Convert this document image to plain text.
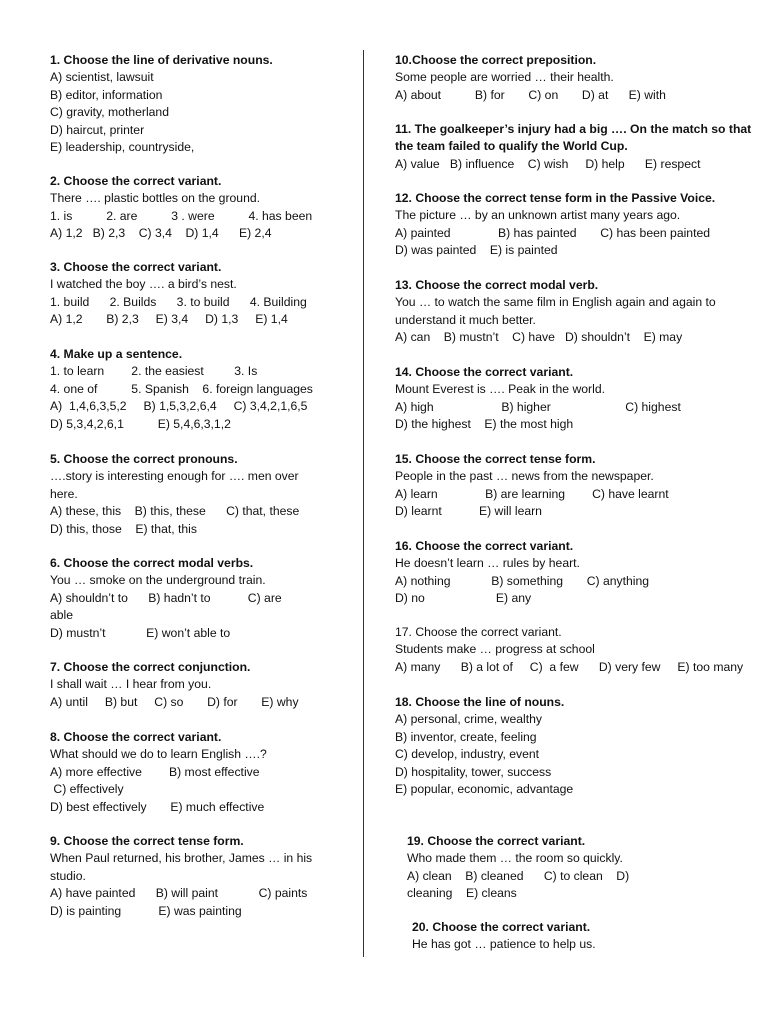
1. Choose the line of derivative nouns.
A) scientist, lawsuit
B) editor, information
C) gravity, motherland
D) haircut, printer
E) leadership, countryside,
2. Choose the correct variant.
There …. plastic bottles on the ground.
1. is          2. are          3 . were          4. has been
A) 1,2   B) 2,3    C) 3,4    D) 1,4      E) 2,4
3. Choose the correct variant.
I watched the boy …. a bird’s nest.
1. build      2. Builds      3. to build      4. Building
A) 1,2       B) 2,3     E) 3,4     D) 1,3     E) 1,4
4. Make up a sentence.
1. to learn        2. the easiest         3. Is
4. one of          5. Spanish    6. foreign languages
A)  1,4,6,3,5,2     B) 1,5,3,2,6,4     C) 3,4,2,1,6,5
D) 5,3,4,2,6,1          E) 5,4,6,3,1,2
5. Choose the correct pronouns.
….story is interesting enough for …. men over
here.
A) these, this    B) this, these      C) that, these
D) this, those    E) that, this
6. Choose the correct modal verbs.
You … smoke on the underground train.
A) shouldn’t to      B) hadn’t to           C) are
able
D) mustn’t            E) won’t able to
7. Choose the correct conjunction.
I shall wait … I hear from you.
A) until     B) but     C) so       D) for       E) why
8. Choose the correct variant.
What should we do to learn English ….?
A) more effective        B) most effective
C) effectively
D) best effectively       E) much effective
9. Choose the correct tense form.
When Paul returned, his brother, James … in his
studio.
A) have painted      B) will paint            C) paints
D) is painting           E) was painting
10.Choose the correct preposition.
Some people are worried … their health.
A) about          B) for       C) on       D) at      E) with
11. The goalkeeper’s injury had a big …. On the match so that the team failed to qualify the World Cup.
A) value   B) influence    C) wish     D) help      E) respect
12. Choose the correct tense form in the Passive Voice.
The picture … by an unknown artist many years ago.
A) painted              B) has painted       C) has been painted
D) was painted    E) is painted
13. Choose the correct modal verb.
You … to watch the same film in English again and again to
understand it much better.
A) can    B) mustn’t    C) have   D) shouldn’t    E) may
14. Choose the correct variant.
Mount Everest is …. Peak in the world.
A) high                    B) higher                      C) highest
D) the highest    E) the most high
15. Choose the correct tense form.
People in the past … news from the newspaper.
A) learn              B) are learning        C) have learnt
D) learnt           E) will learn
16. Choose the correct variant.
He doesn’t learn … rules by heart.
A) nothing            B) something       C) anything
D) no                     E) any
17. Choose the correct variant.
Students make … progress at school
A) many      B) a lot of     C)  a few      D) very few     E) too many
18. Choose the line of nouns.
A) personal, crime, wealthy
B) inventor, create, feeling
C) develop, industry, event
D) hospitality, tower, success
E) popular, economic, advantage
19. Choose the correct variant.
Who made them … the room so quickly.
A) clean    B) cleaned      C) to clean    D)
cleaning    E) cleans
20. Choose the correct variant.
He has got … patience to help us.
